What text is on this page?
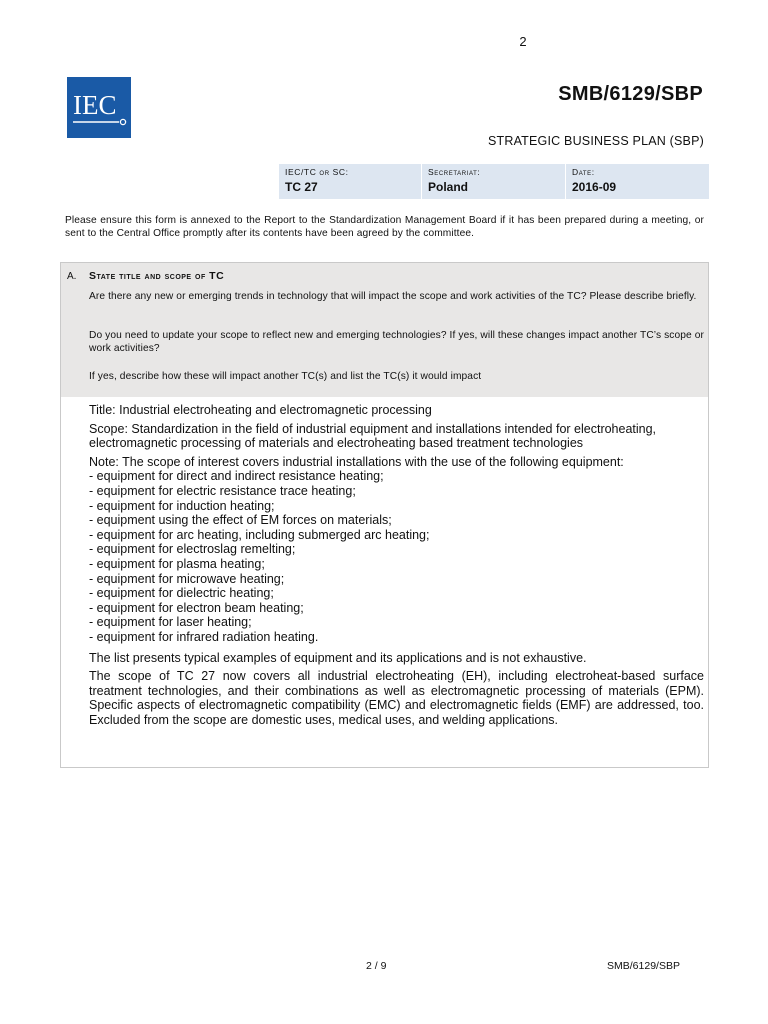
2
IEC	SMB/6129/SBP
STRATEGIC BUSINESS PLAN (SBP)
IEC/TC or SC:
TC 27

Secretariat:
Poland

Date:
2016-09
Please ensure this form is annexed to the Report to the Standardization Management Board if it has been prepared during a meeting, or sent to the Central Office promptly after its contents have been agreed by the committee.
A. State title and scope of TC
Are there any new or emerging trends in technology that will impact the scope and work activities of the TC? Please describe briefly.
Do you need to update your scope to reflect new and emerging technologies? If yes, will these changes impact another TC’s scope or work activities?
If yes, describe how these will impact another TC(s) and list the TC(s) it would impact

Title: Industrial electroheating and electromagnetic processing

Scope: Standardization in the field of industrial equipment and installations intended for electroheating, electromagnetic processing of materials and electroheating based treatment technologies

Note: The scope of interest covers industrial installations with the use of the following equipment:

- equipment for direct and indirect resistance heating;
- equipment for electric resistance trace heating;
- equipment for induction heating;
- equipment using the effect of EM forces on materials;
- equipment for arc heating, including submerged arc heating;
- equipment for electroslag remelting;
- equipment for plasma heating;
- equipment for microwave heating;
- equipment for dielectric heating;
- equipment for electron beam heating;
- equipment for laser heating;
- equipment for infrared radiation heating.

The list presents typical examples of equipment and its applications and is not exhaustive.

The scope of TC 27 now covers all industrial electroheating (EH), including electroheat-based surface treatment technologies, and their combinations as well as electromagnetic processing of materials (EPM). Specific aspects of electromagnetic compatibility (EMC) and electromagnetic fields (EMF) are addressed, too. Excluded from the scope are domestic uses, medical uses, and welding applications.

2 / 9	SMB/6129/SBP
